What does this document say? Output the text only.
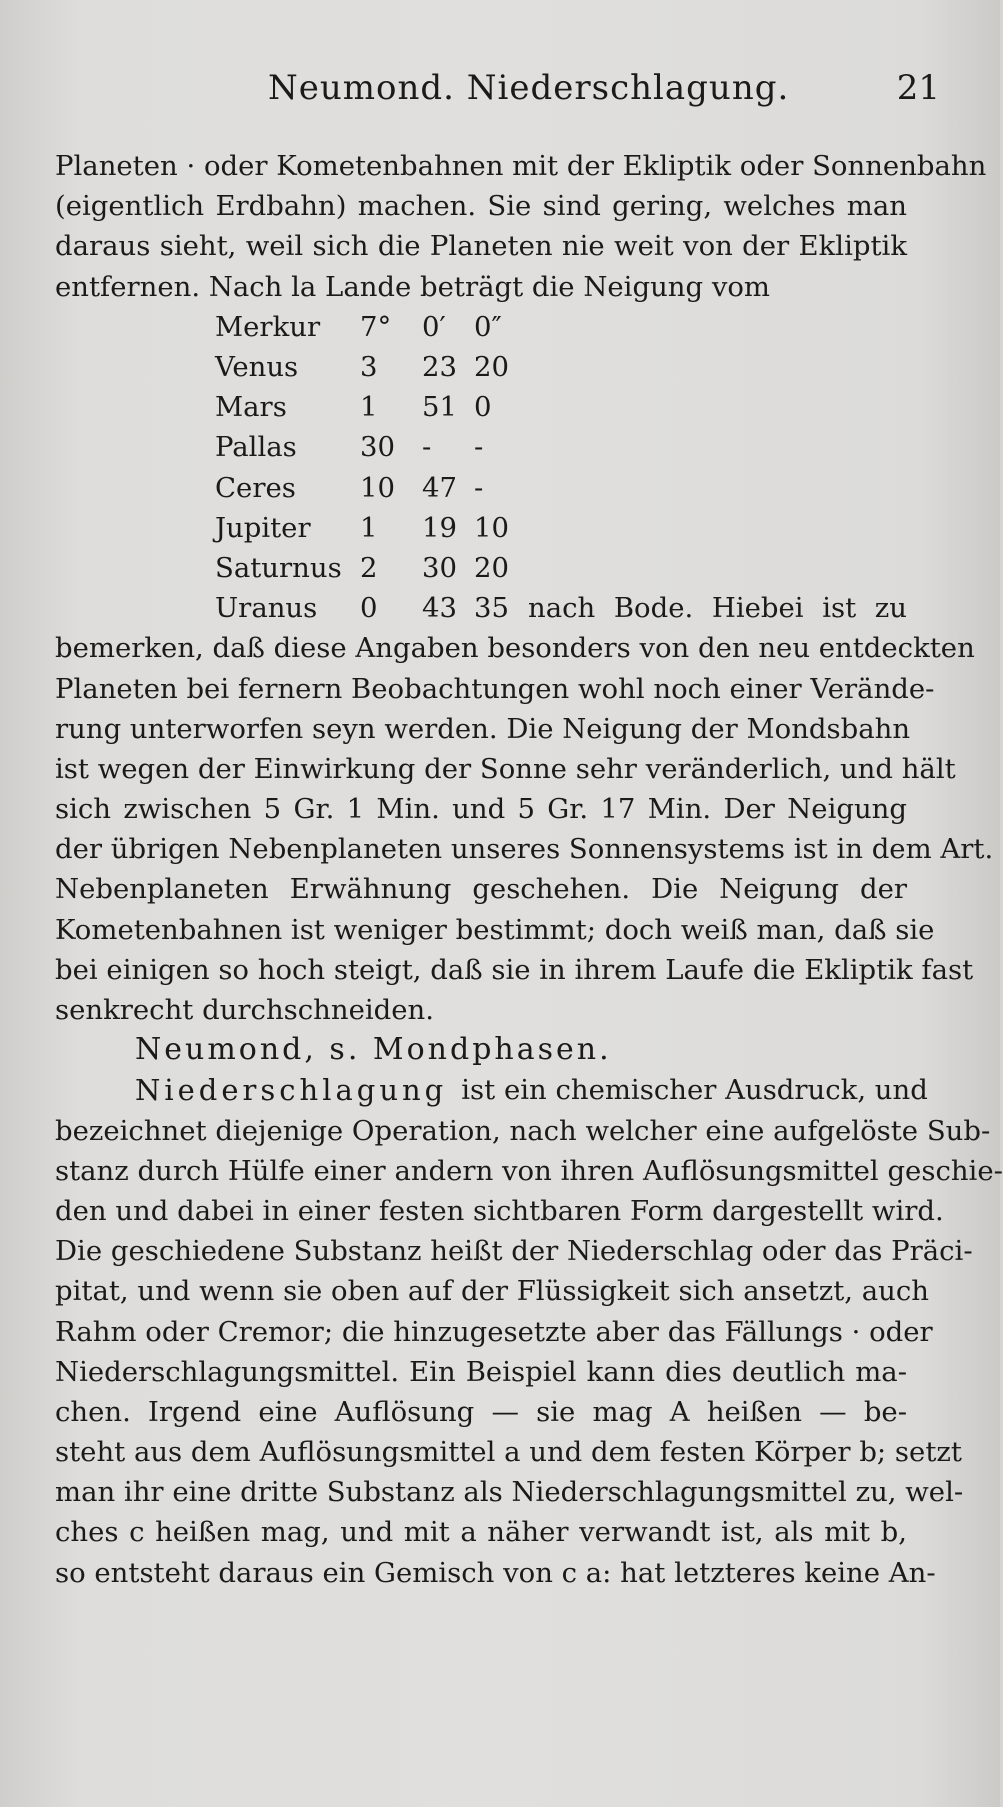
Neumond. Niederschlagung.	21
Planeten · oder Kometenbahnen mit der Ekliptik oder Sonnenbahn
(eigentlich Erdbahn) machen. Sie sind gering, welches man
daraus sieht, weil sich die Planeten nie weit von der Ekliptik
entfernen. Nach la Lande beträgt die Neigung vom
Merkur	7°	0′	0″
Venus	3	23	20
Mars	1	51	0
Pallas	30	-	-
Ceres	10	47	-
Jupiter	1	19	10
Saturnus	2	30	20
Uranus	0	43 35 nach Bode. Hiebei ist zu
bemerken, daß diese Angaben besonders von den neu entdeckten
Planeten bei fernern Beobachtungen wohl noch einer Verände-
rung unterworfen seyn werden. Die Neigung der Mondsbahn
ist wegen der Einwirkung der Sonne sehr veränderlich, und hält
sich zwischen 5 Gr. 1 Min. und 5 Gr. 17 Min. Der Neigung
der übrigen Nebenplaneten unseres Sonnensystems ist in dem Art.
Nebenplaneten Erwähnung geschehen. Die Neigung der
Kometenbahnen ist weniger bestimmt; doch weiß man, daß sie
bei einigen so hoch steigt, daß sie in ihrem Laufe die Ekliptik fast
senkrecht durchschneiden.
Neumond, s. Mondphasen.
Niederschlagung ist ein chemischer Ausdruck, und
bezeichnet diejenige Operation, nach welcher eine aufgelöste Sub-
stanz durch Hülfe einer andern von ihren Auflösungsmittel geschie-
den und dabei in einer festen sichtbaren Form dargestellt wird.
Die geschiedene Substanz heißt der Niederschlag oder das Präci-
pitat, und wenn sie oben auf der Flüssigkeit sich ansetzt, auch
Rahm oder Cremor; die hinzugesetzte aber das Fällungs · oder
Niederschlagungsmittel. Ein Beispiel kann dies deutlich ma-
chen. Irgend eine Auflösung — sie mag A heißen — be-
steht aus dem Auflösungsmittel a und dem festen Körper b; setzt
man ihr eine dritte Substanz als Niederschlagungsmittel zu, wel-
ches c heißen mag, und mit a näher verwandt ist, als mit b,
so entsteht daraus ein Gemisch von c a: hat letzteres keine An-
